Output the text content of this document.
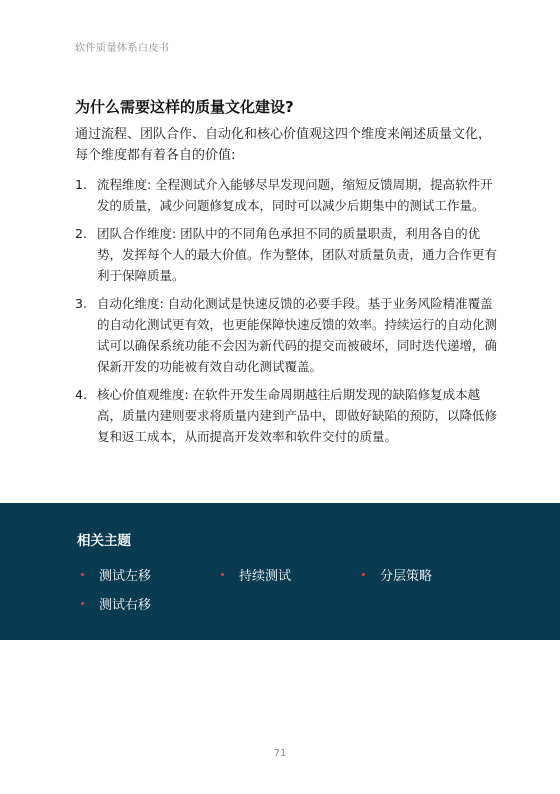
软件质量体系白皮书
为什么需要这样的质量文化建设?

通过流程、团队合作、自动化和核心价值观这四个维度来阐述质量文化，每个维度都有着各自的价值:

1. 流程维度: 全程测试介入能够尽早发现问题，缩短反馈周期，提高软件开发的质量，减少问题修复成本，同时可以减少后期集中的测试工作量。
2. 团队合作维度: 团队中的不同角色承担不同的质量职责，利用各自的优势，发挥每个人的最大价值。作为整体，团队对质量负责，通力合作更有利于保障质量。
3. 自动化维度: 自动化测试是快速反馈的必要手段。基于业务风险精准覆盖的自动化测试更有效，也更能保障快速反馈的效率。持续运行的自动化测试可以确保系统功能不会因为新代码的提交而被破坏，同时迭代递增，确保新开发的功能被有效自动化测试覆盖。
4. 核心价值观维度: 在软件开发生命周期越往后期发现的缺陷修复成本越高，质量内建则要求将质量内建到产品中，即做好缺陷的预防，以降低修复和返工成本，从而提高开发效率和软件交付的质量。
相关主题
测试左移	持续测试	分层策略
测试右移
71
